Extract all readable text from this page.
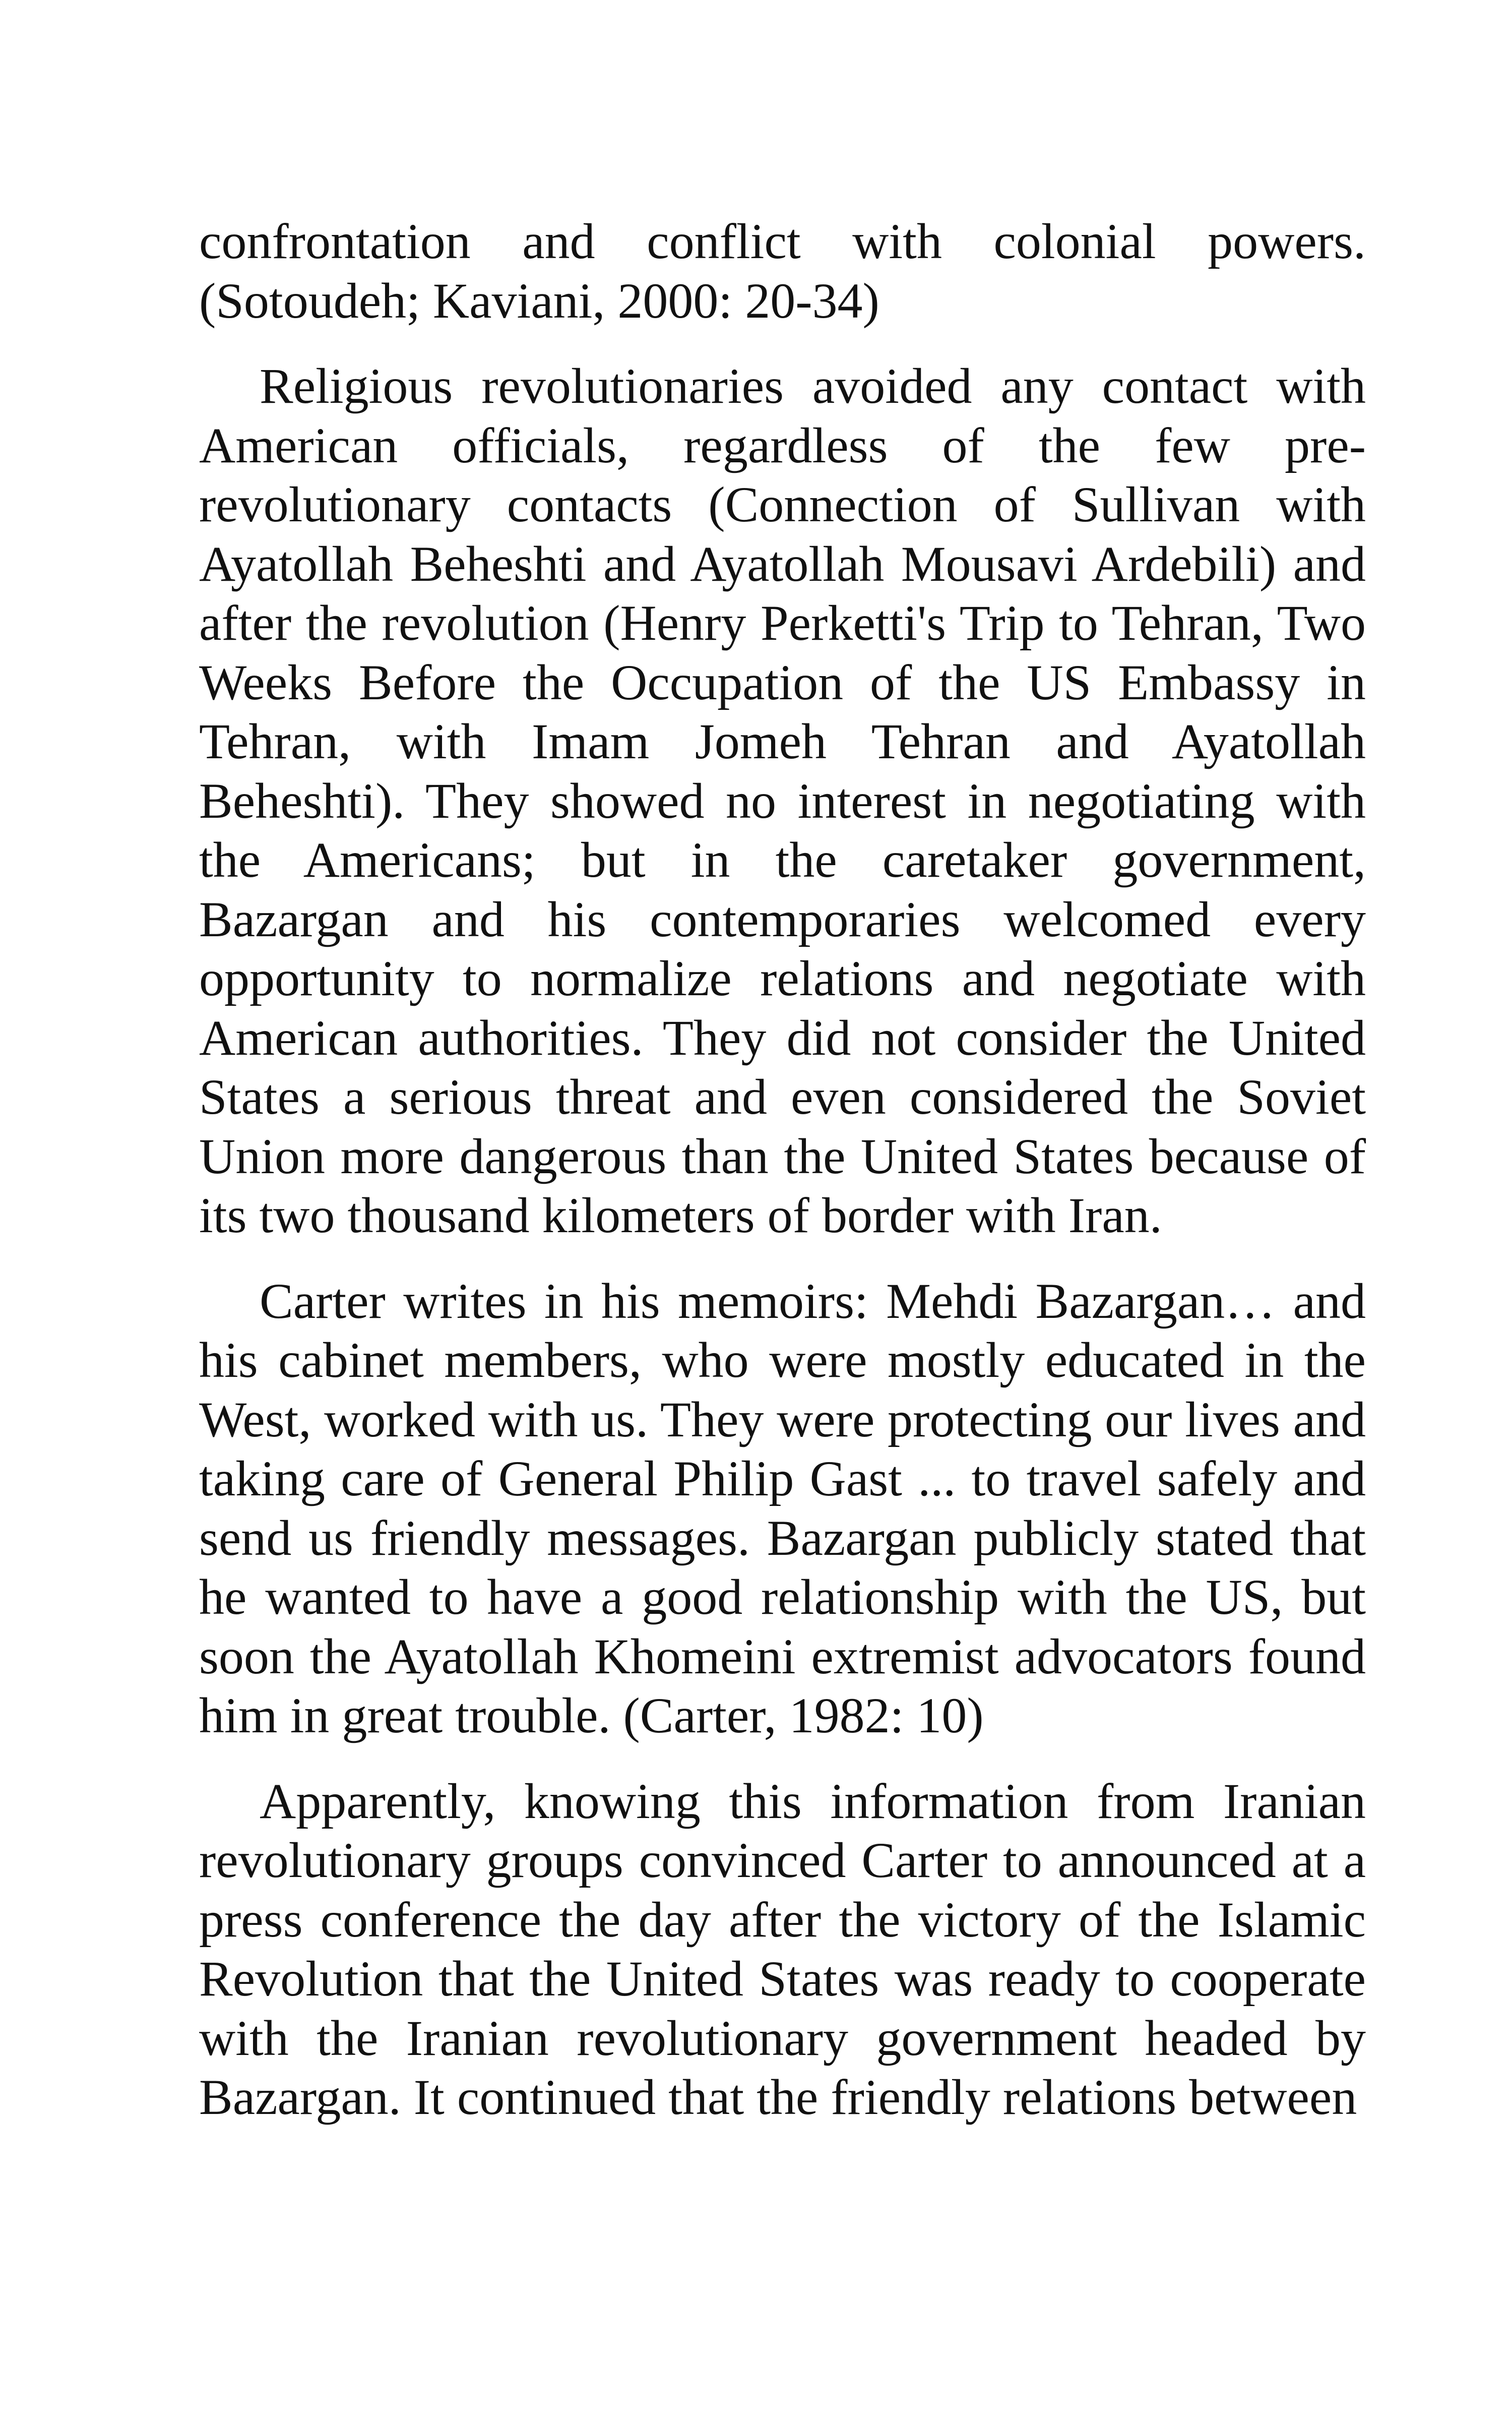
confrontation and conflict with colonial powers. (Sotoudeh; Kaviani, 2000: 20-34)

Religious revolutionaries avoided any contact with American officials, regardless of the few pre-revolutionary contacts (Connection of Sullivan with Ayatollah Beheshti and Ayatollah Mousavi Ardebili) and after the revolution (Henry Perketti's Trip to Tehran, Two Weeks Before the Occupation of the US Embassy in Tehran, with Imam Jomeh Tehran and Ayatollah Beheshti). They showed no interest in negotiating with the Americans; but in the caretaker government, Bazargan and his contemporaries welcomed every opportunity to normalize relations and negotiate with American authorities. They did not consider the United States a serious threat and even considered the Soviet Union more dangerous than the United States because of its two thousand kilometers of border with Iran.

Carter writes in his memoirs: Mehdi Bazargan… and his cabinet members, who were mostly educated in the West, worked with us. They were protecting our lives and taking care of General Philip Gast ... to travel safely and send us friendly messages. Bazargan publicly stated that he wanted to have a good relationship with the US, but soon the Ayatollah Khomeini extremist advocators found him in great trouble. (Carter, 1982: 10)

Apparently, knowing this information from Iranian revolutionary groups convinced Carter to announced at a press conference the day after the victory of the Islamic Revolution that the United States was ready to cooperate with the Iranian revolutionary government headed by Bazargan. It continued that the friendly relations between
